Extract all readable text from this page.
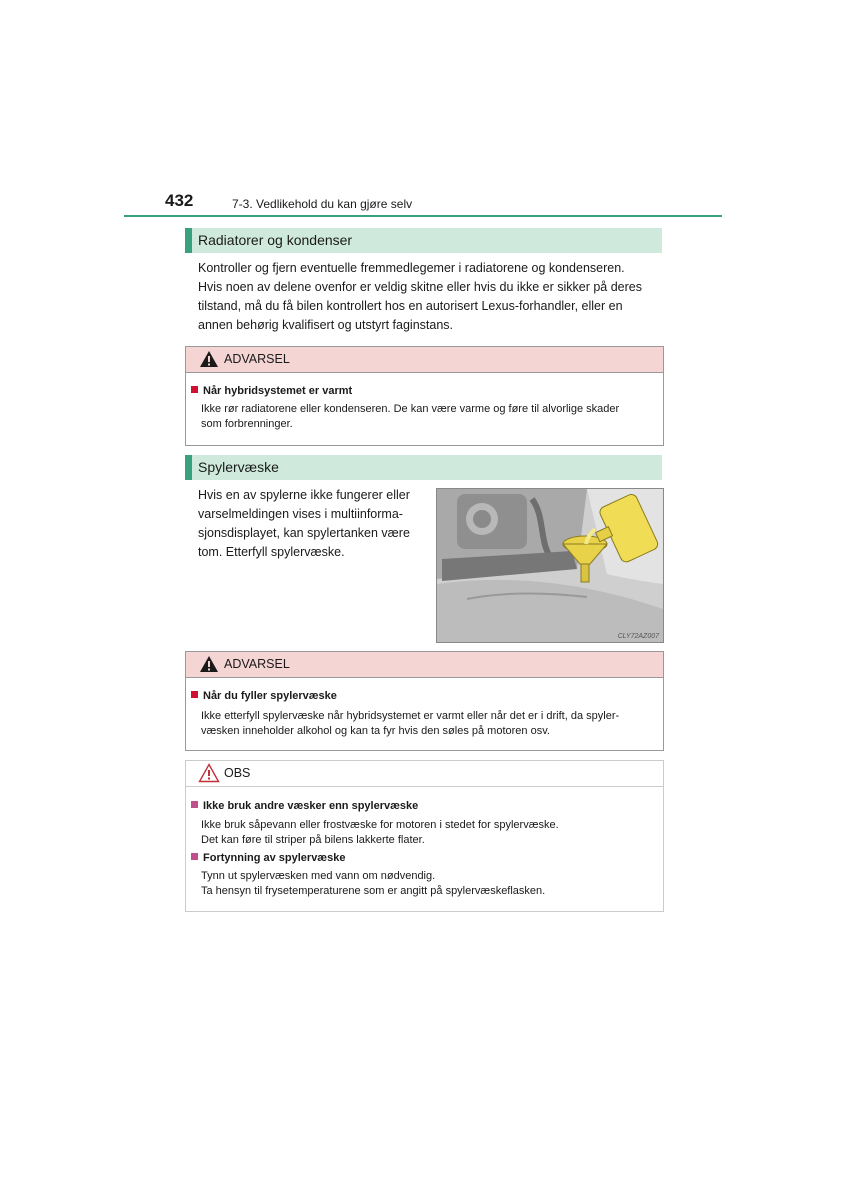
432	7-3. Vedlikehold du kan gjøre selv
Radiatorer og kondenser
Kontroller og fjern eventuelle fremmedlegemer i radiatorene og kondenseren.
Hvis noen av delene ovenfor er veldig skitne eller hvis du ikke er sikker på deres
tilstand, må du få bilen kontrollert hos en autorisert Lexus-forhandler, eller en
annen behørig kvalifisert og utstyrt faginstans.
ADVARSEL
Når hybridsystemet er varmt
Ikke rør radiatorene eller kondenseren. De kan være varme og føre til alvorlige skader
som forbrenninger.
Spylervæske
Hvis en av spylerne ikke fungerer eller
varselmeldingen vises i multiinforma-
sjonsdisplayet, kan spylertanken være
tom. Etterfyll spylervæske.
CLY72AZ007
ADVARSEL
Når du fyller spylervæske
Ikke etterfyll spylervæske når hybridsystemet er varmt eller når det er i drift, da spyler-
væsken inneholder alkohol og kan ta fyr hvis den søles på motoren osv.
OBS
Ikke bruk andre væsker enn spylervæske
Ikke bruk såpevann eller frostvæske for motoren i stedet for spylervæske.
Det kan føre til striper på bilens lakkerte flater.
Fortynning av spylervæske
Tynn ut spylervæsken med vann om nødvendig.
Ta hensyn til frysetemperaturene som er angitt på spylervæskeflasken.
